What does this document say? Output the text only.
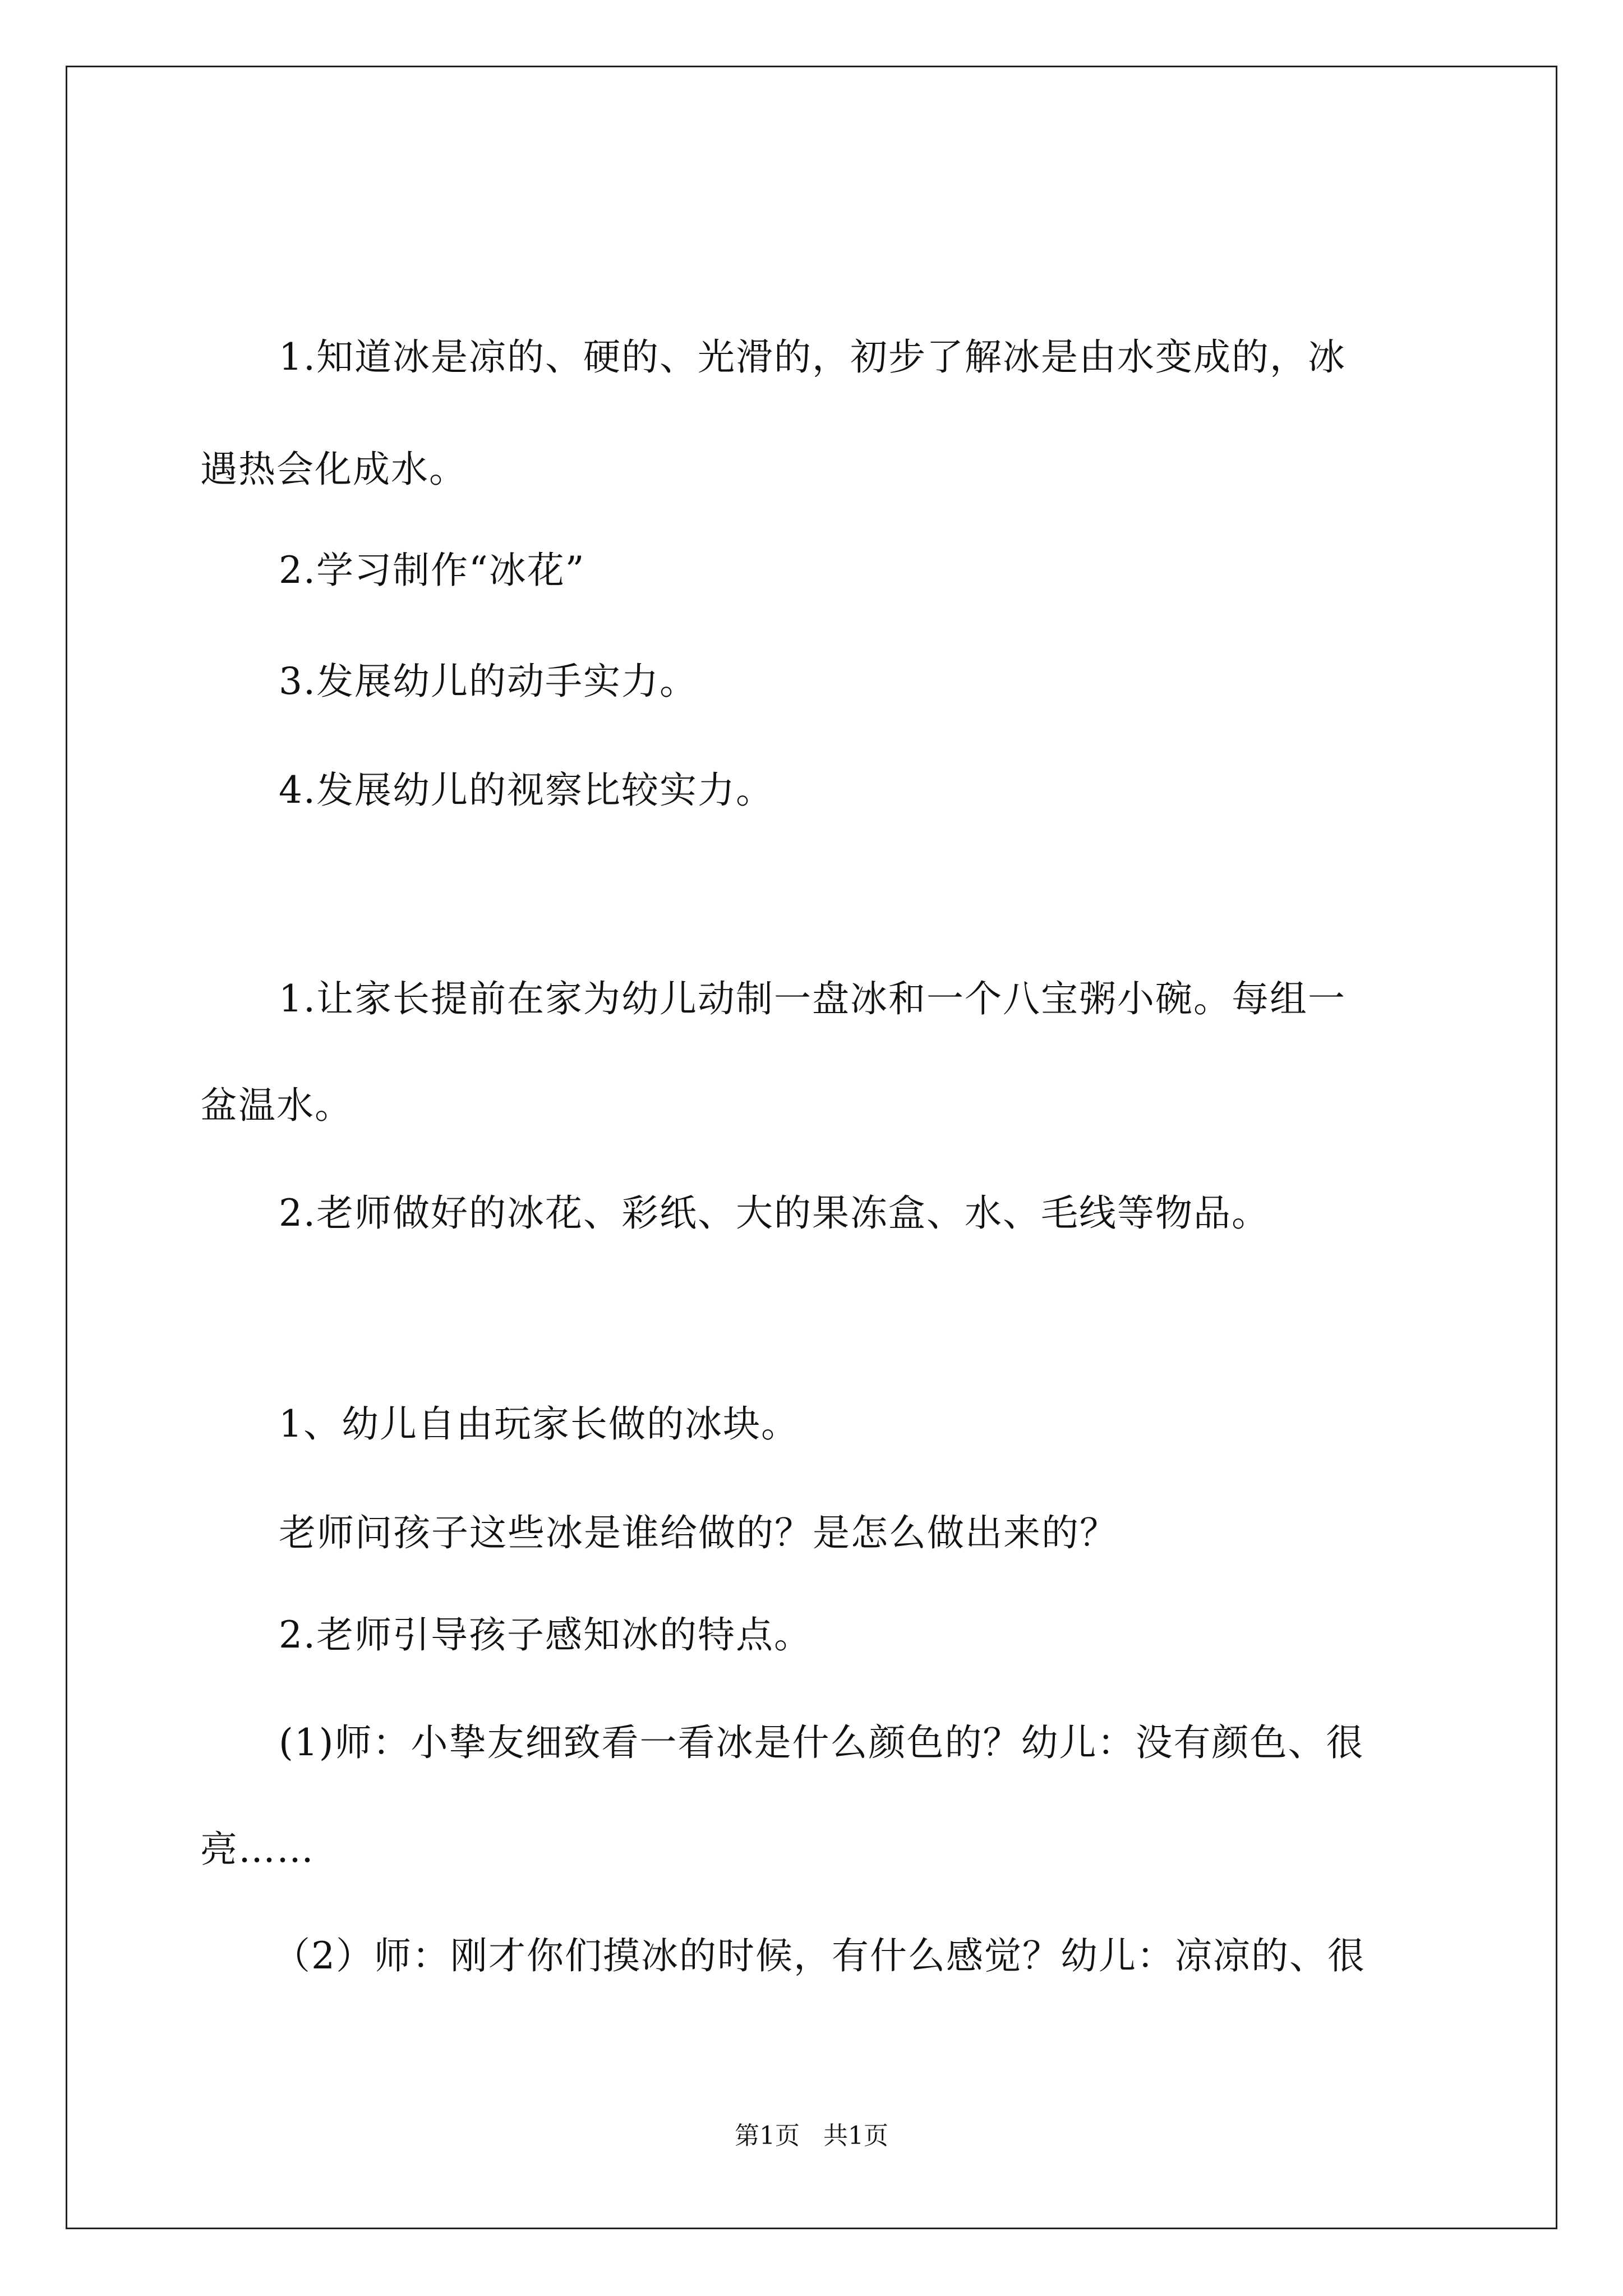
1.知道冰是凉的、硬的、光滑的，初步了解冰是由水变成的，冰
遇热会化成水。
2.学习制作“冰花”
3.发展幼儿的动手实力。
4.发展幼儿的视察比较实力。
1.让家长提前在家为幼儿动制一盘冰和一个八宝粥小碗。每组一
盆温水。
2.老师做好的冰花、彩纸、大的果冻盒、水、毛线等物品。
1、幼儿自由玩家长做的冰块。
老师问孩子这些冰是谁给做的？是怎么做出来的？
2.老师引导孩子感知冰的特点。
(1)师：小挚友细致看一看冰是什么颜色的？幼儿：没有颜色、很
亮……
（2）师：刚才你们摸冰的时候，有什么感觉？幼儿：凉凉的、很
第1页   共1页
